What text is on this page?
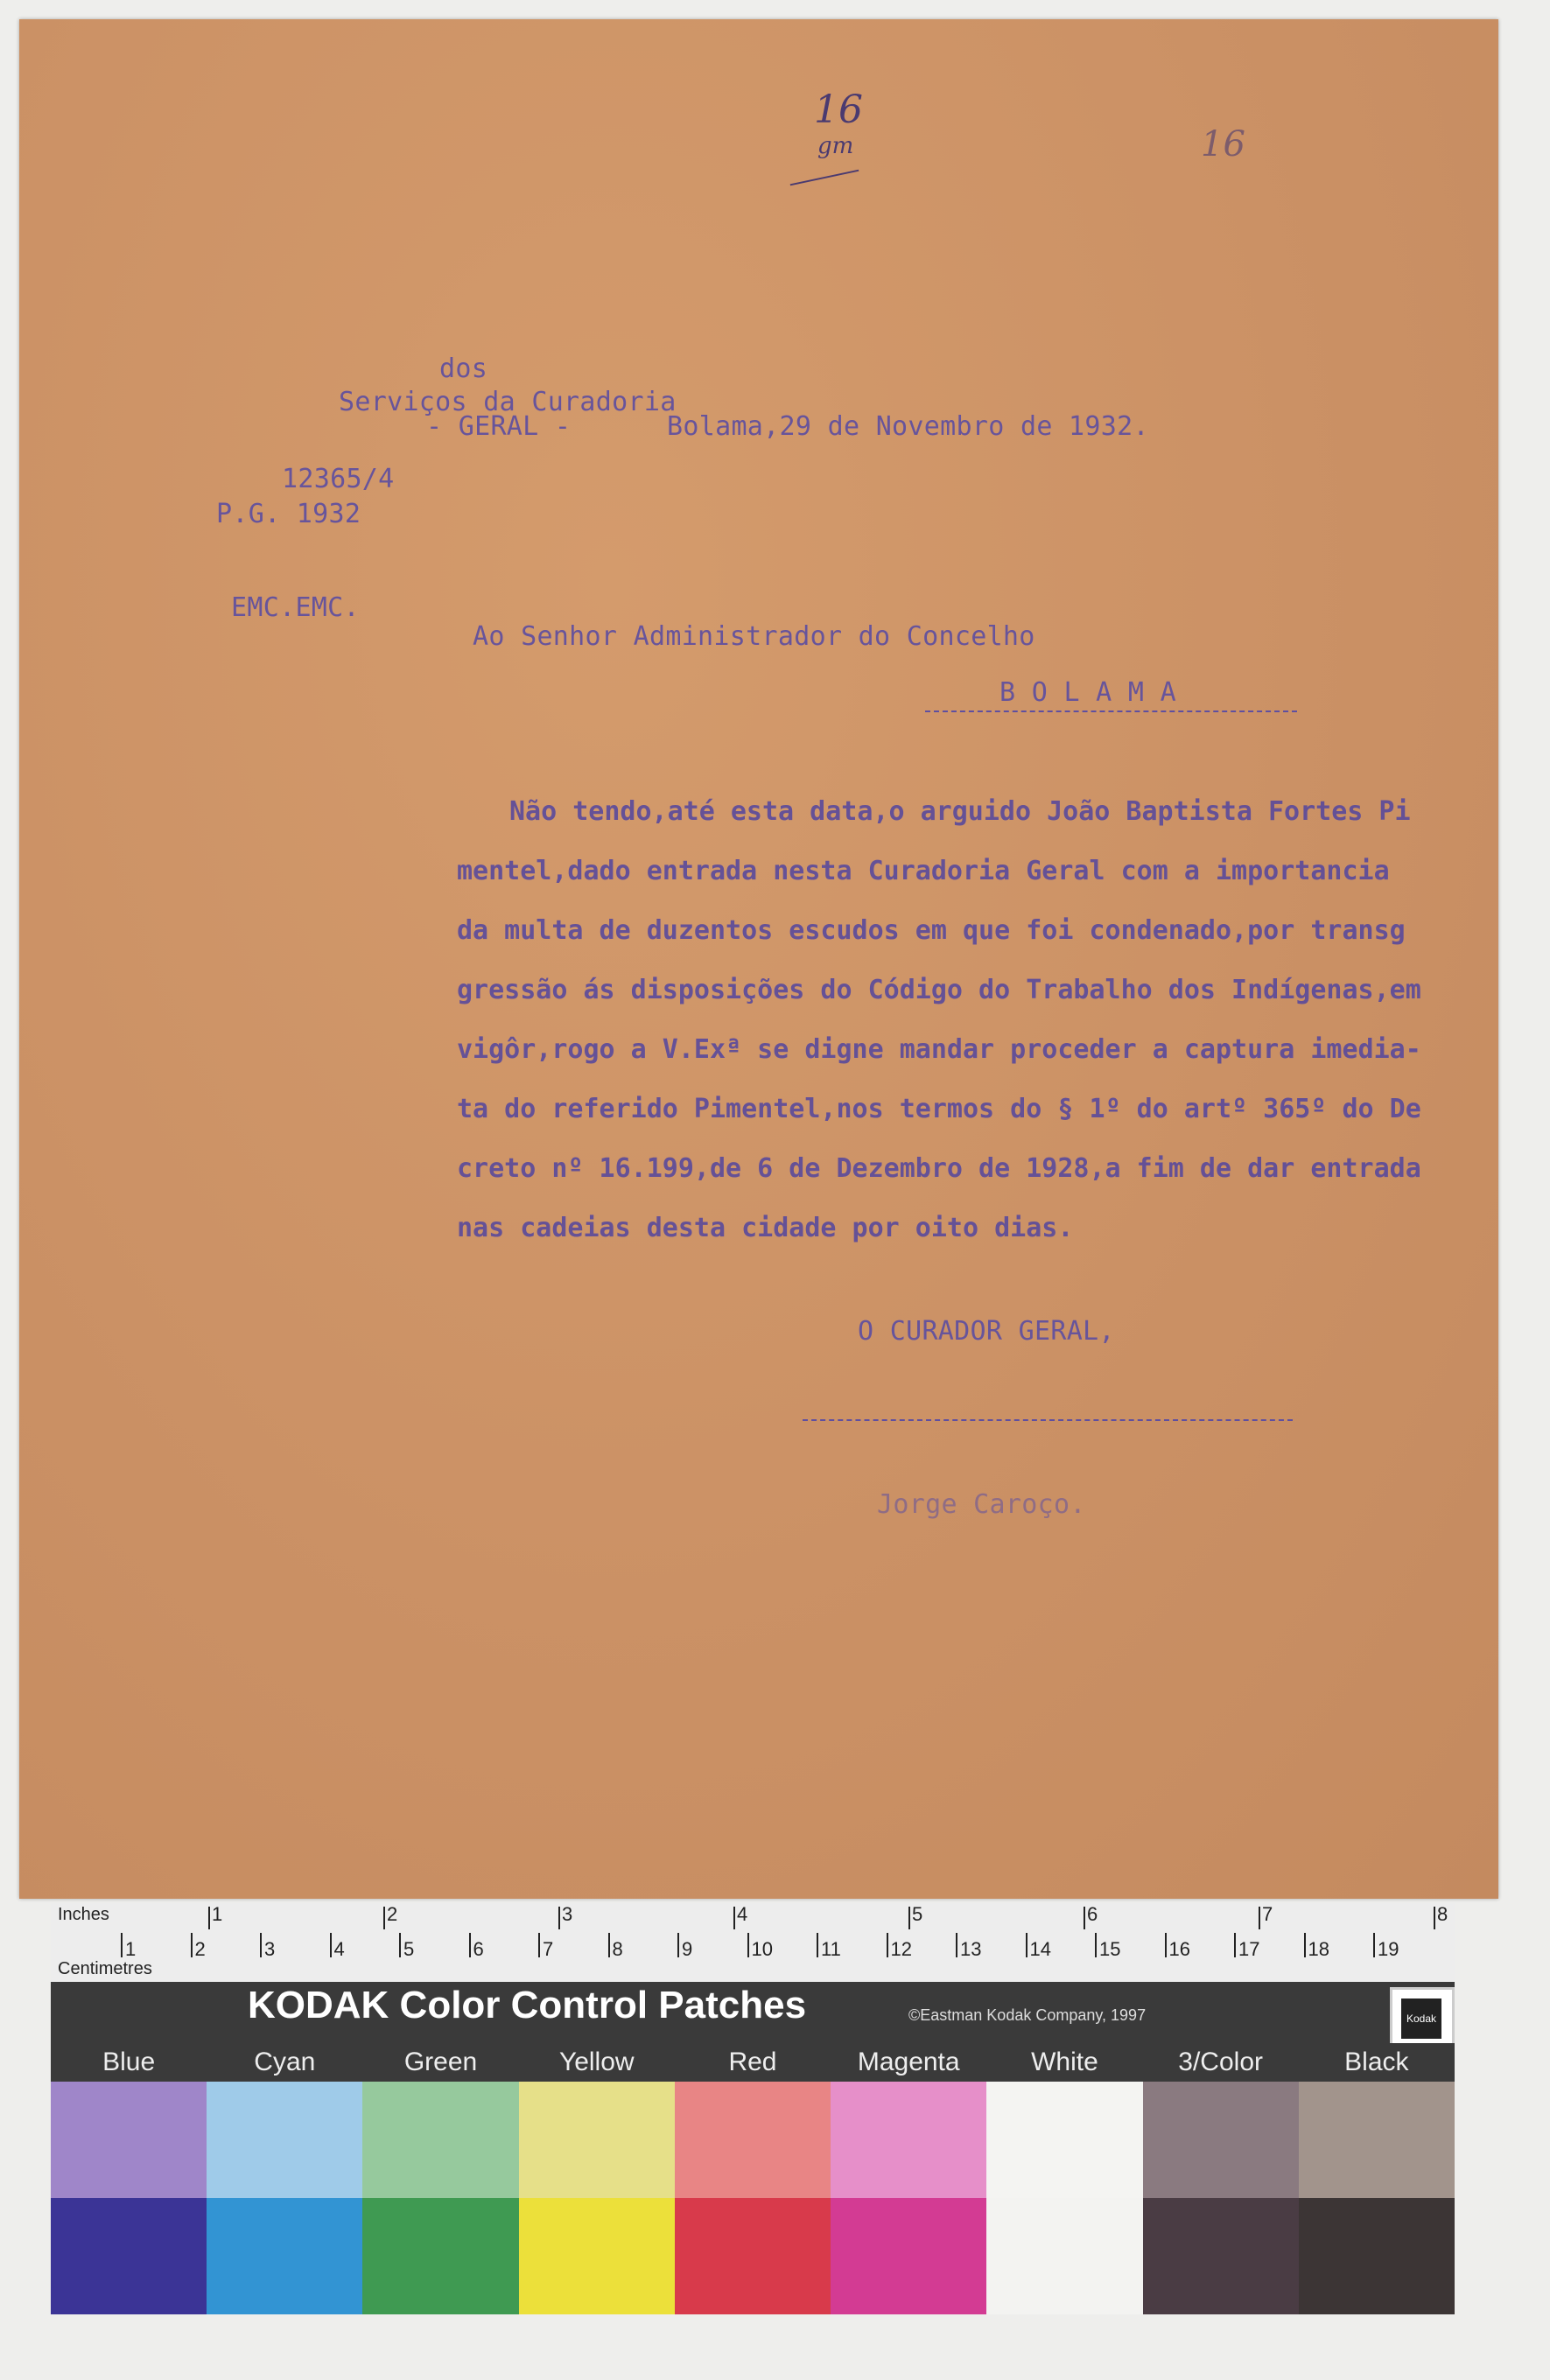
16
gm	16
dos
Serviços da Curadoria
- GERAL -	Bolama,29 de Novembro de 1932.
12365/4
P.G. 1932
EMC.EMC.
Ao Senhor Administrador do Concelho
B O L A M A
Não tendo,até esta data,o arguido João Baptista Fortes Pi
mentel,dado entrada nesta Curadoria Geral com a importancia
da multa de duzentos escudos em que foi condenado,por transg
gressão ás disposições do Código do Trabalho dos Indígenas,em
vigôr,rogo a V.Exª se digne mandar proceder a captura imedia-
ta do referido Pimentel,nos termos do § 1º do artº 365º do De
creto nº 16.199,de 6 de Dezembro de 1928,a fim de dar entrada
nas cadeias desta cidade por oito dias.
O CURADOR GERAL,
Jorge Caroço.
Inches
Centimetres
1	2	3	4	5	6	7	8
1	2	3	4	5	6	7	8	9	10	11	12	13	14	15	16	17	18	19
KODAK Color Control Patches	©Eastman Kodak Company, 1997	Kodak
Blue	Cyan	Green	Yellow	Red	Magenta	White	3/Color	Black
